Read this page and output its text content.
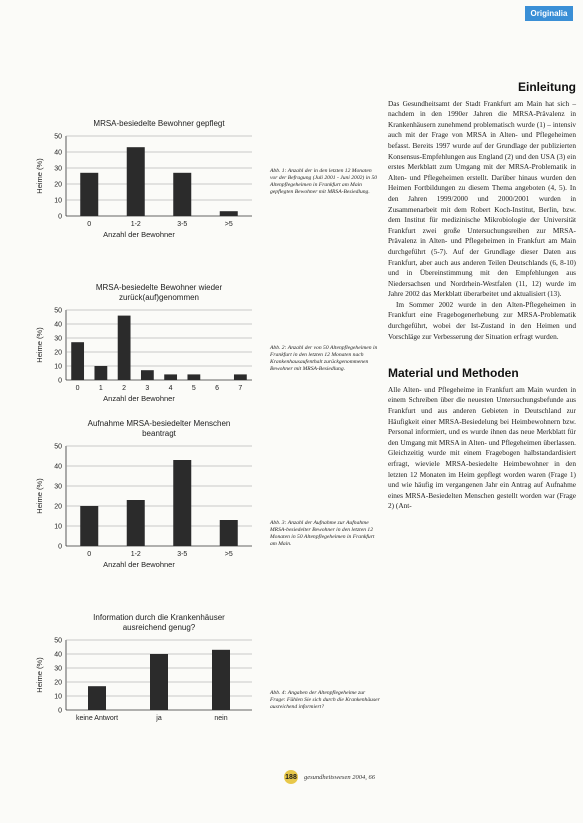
Originalia
MRSA-besiedelte Bewohner gepflegt
0
10
20
30
40
50
Heime (%)
0	1-2	3-5	>5
Anzahl der Bewohner
Abb. 1: Anzahl der in den letzten 12 Monaten vor der Befragung (Juli 2001 - Juni 2002) in 50 Altenpflegeheimen in Frankfurt am Main gepflegten Bewohner mit MRSA-Besiedlung.
MRSA-besiedelte Bewohner wieder
zurück(auf)genommen
0
10
20
30
40
50
Heime (%)
0	1	2	3	4	5	6	7
Anzahl der Bewohner
Abb. 2: Anzahl der von 50 Altenpflegeheimen in Frankfurt in den letzten 12 Monaten nach Krankenhausaufenthalt zurückgenommenen Bewohner mit MRSA-Besiedlung.
Aufnahme MRSA-besiedelter Menschen
beantragt
0
10
20
30
40
50
Heime (%)
0	1-2	3-5	>5
Anzahl der Bewohner
Abb. 3: Anzahl der Aufnahme zur Aufnahme MRSA-besiedelter Bewohner in den letzten 12 Monaten in 50 Altenpflegeheimen in Frankfurt am Main.
Information durch die Krankenhäuser
ausreichend genug?
0
10
20
30
40
50
Heime (%)
keine Antwort	ja	nein
Abb. 4: Angaben der Altenpflegeheime zur Frage: Fühlen Sie sich durch die Krankenhäuser ausreichend informiert?
Einleitung

Das Gesundheitsamt der Stadt Frankfurt am Main hat sich – nachdem in den 1990er Jahren die MRSA-Prävalenz in Krankenhäusern zunehmend problematisch wurde (1) – intensiv auch mit der Frage von MRSA in Alten- und Pflegeheimen befasst. Bereits 1997 wurde auf der Grundlage der publizierten Konsensus-Empfehlungen aus England (2) und den USA (3) ein erstes Merkblatt zum Umgang mit der MRSA-Problematik in Alten- und Pflegeheimen erstellt. Darüber hinaus wurden den Heimen Fortbildungen zu diesem Thema angeboten (4, 5). In den Jahren 1999/2000 und 2000/2001 wurden in Zusammenarbeit mit dem Robert Koch-Institut, Berlin, bzw. dem Institut für medizinische Mikrobiologie der Universität Frankfurt zwei große Untersuchungsreihen zur MRSA-Prävalenz in Alten- und Pflegeheimen in Frankfurt am Main durchgeführt (5-7). Auf der Grundlage dieser Daten aus Frankfurt, aber auch aus anderen Teilen Deutschlands (6, 8-10) und in Übereinstimmung mit den Empfehlungen aus Niedersachsen und Nordrhein-Westfalen (11, 12) wurde im Jahre 2002 das Merkblatt überarbeitet und aktualisiert (13).

Im Sommer 2002 wurde in den Alten-Pflegeheimen in Frankfurt eine Fragebogenerhebung zur MRSA-Problematik durchgeführt, wobei der Ist-Zustand in den Heimen und Vorschläge zur Verbesserung der Situation erfragt wurden.

Material und Methoden

Alle Alten- und Pflegeheime in Frankfurt am Main wurden in einem Schreiben über die neuesten Untersuchungsbefunde aus Frankfurt und aus anderen Gebieten in Deutschland zur Häufigkeit einer MRSA-Besiedelung bei Heimbewohnern bzw. Personal informiert, und es wurde ihnen das neue Merkblatt für den Umgang mit MRSA in Alten- und Pflegeheimen überlassen. Gleichzeitig wurde mit einem Fragebogen halbstandardisiert erfragt, wieviele MRSA-besiedelte Heimbewohner in den letzten 12 Monaten im Heim gepflegt worden waren (Frage 1) und wie häufig im vergangenen Jahr ein Antrag auf Aufnahme eines MRSA-Besiedelten Menschen gestellt worden war (Frage 2) (Ant-

188 gesundheitswesen 2004, 66
